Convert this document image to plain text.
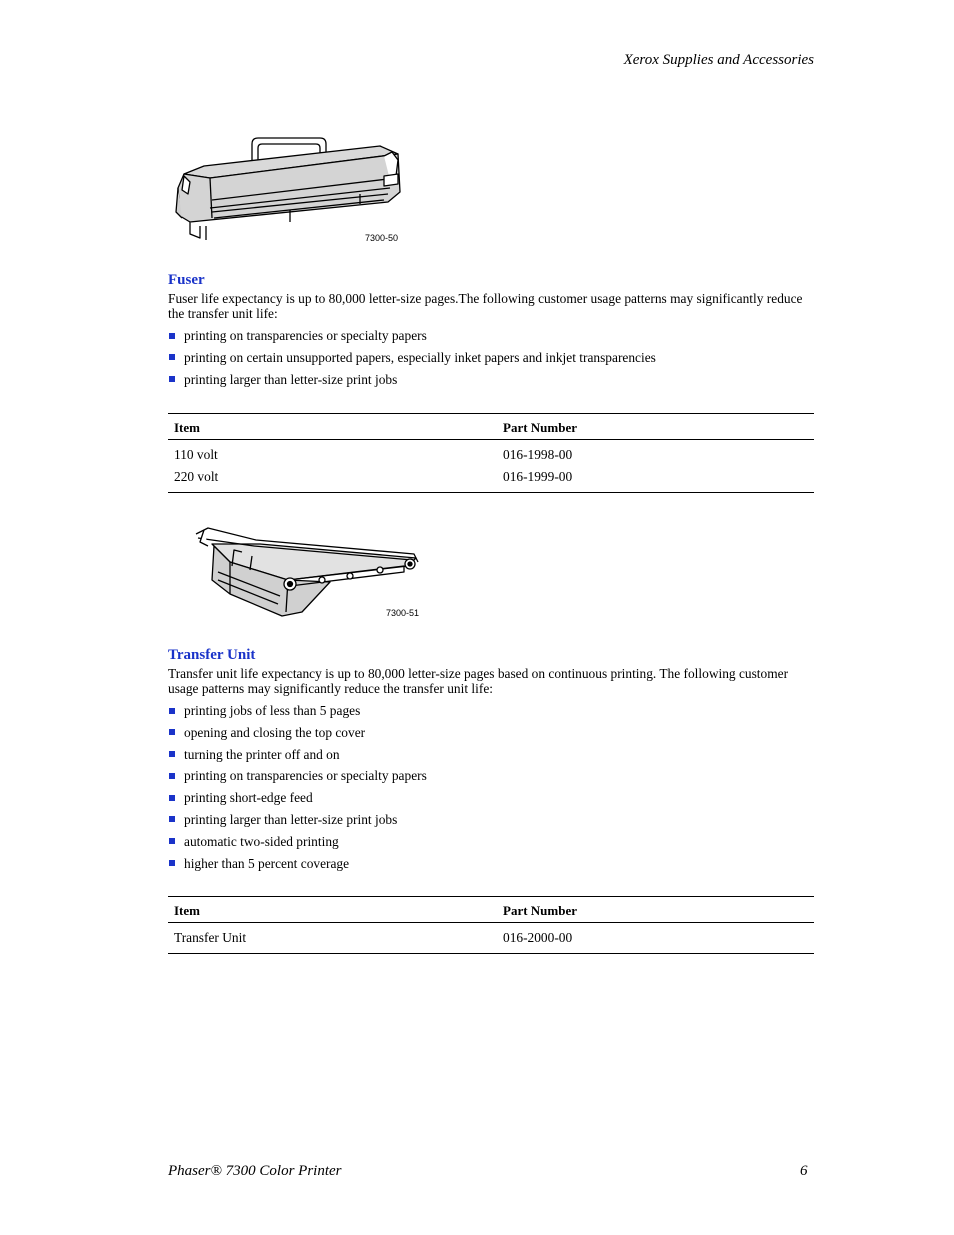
Xerox Supplies and Accessories
7300-50
Fuser

Fuser life expectancy is up to 80,000 letter-size pages.The following customer usage patterns may significantly reduce the transfer unit life:

printing on transparencies or specialty papers
printing on certain unsupported papers, especially inket papers and inkjet transparencies
printing larger than letter-size print jobs
Item	Part Number
110 volt	016-1998-00
220 volt	016-1999-00
7300-51
Transfer Unit

Transfer unit life expectancy is up to 80,000 letter-size pages based on continuous printing. The following customer usage patterns may significantly reduce the transfer unit life:

printing jobs of less than 5 pages
opening and closing the top cover
turning the printer off and on
printing on transparencies or specialty papers
printing short-edge feed
printing larger than letter-size print jobs
automatic two-sided printing
higher than 5 percent coverage
Item	Part Number
Transfer Unit	016-2000-00
Phaser® 7300 Color Printer	6
